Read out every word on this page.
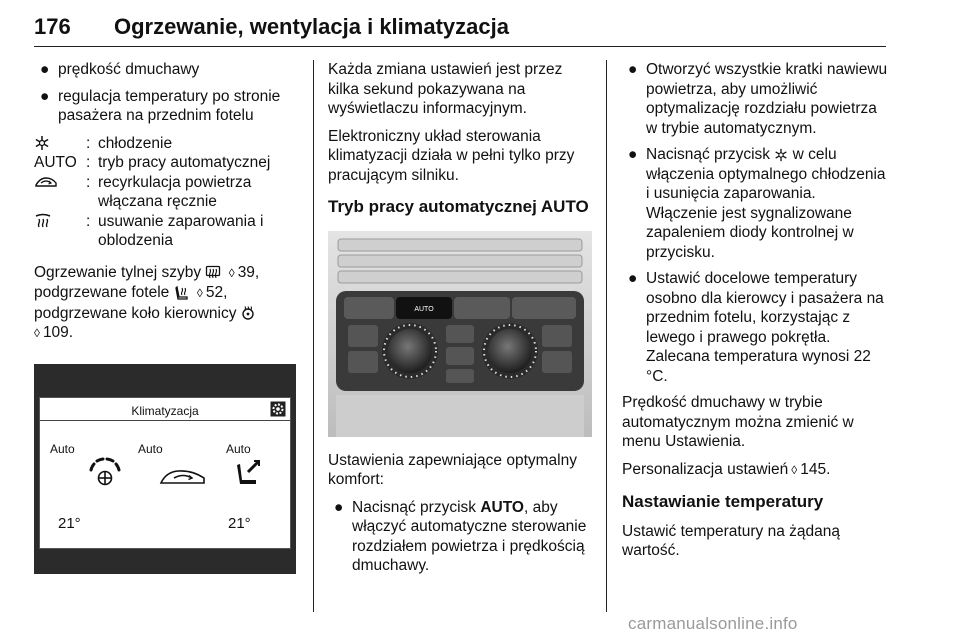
176 Ogrzewanie, wentylacja i klimatyzacja
● prędkość dmuchawy
● regulacja temperatury po stronie pasażera na przednim fotelu
: chłodzenie
AUTO : tryb pracy automatycznej
: recyrkulacja powietrza włączana ręcznie
: usuwanie zaparowania i oblodzenia
Ogrzewanie tylnej szyby ◊ 39,
podgrzewane fotele ◊ 52,
podgrzewane koło kierownicy
◊ 109.
Klimatyzacja
Auto	Auto	Auto
21°	21°

Każda zmiana ustawień jest przez kilka sekund pokazywana na wyświetlaczu informacyjnym.

Elektroniczny układ sterowania klimatyzacji działa w pełni tylko przy pracującym silniku.

Tryb pracy automatycznej AUTO
AUTO

Ustawienia zapewniające optymalny komfort:

● Nacisnąć przycisk AUTO, aby włączyć automatyczne sterowanie rozdziałem powietrza i prędkością dmuchawy.
● Otworzyć wszystkie kratki nawiewu powietrza, aby umożliwić optymalizację rozdziału powietrza w trybie automatycznym.
● Nacisnąć przycisk w celu włączenia optymalnego chłodzenia i usunięcia zaparowania. Włączenie jest sygnalizowane zapaleniem diody kontrolnej w przycisku.
● Ustawić docelowe temperatury osobno dla kierowcy i pasażera na przednim fotelu, korzystając z lewego i prawego pokrętła. Zalecana temperatura wynosi 22 °C.

Prędkość dmuchawy w trybie automatycznym można zmienić w menu Ustawienia.

Personalizacja ustawień ◊ 145.

Nastawianie temperatury

Ustawić temperatury na żądaną wartość.

carmanualsonline.info
